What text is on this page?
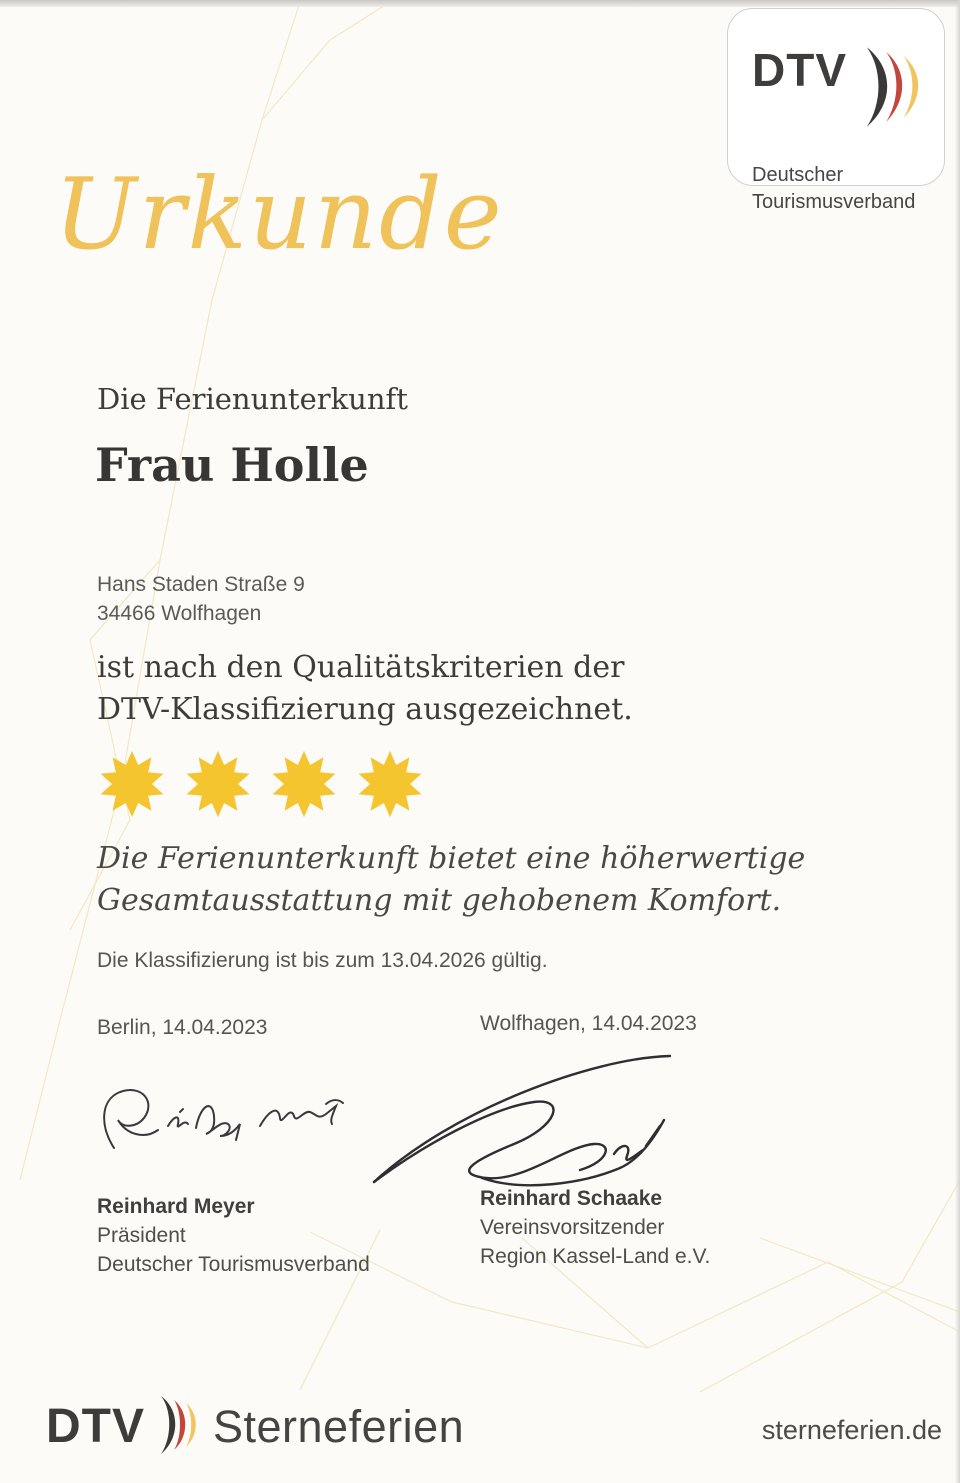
DTV
Deutscher
Tourismusverband
Urkunde
Die Ferienunterkunft
Frau Holle
Hans Staden Straße 9
34466 Wolfhagen
ist nach den Qualitätskriterien der
DTV-Klassifizierung ausgezeichnet.
Die Ferienunterkunft bietet eine höherwertige
Gesamtausstattung mit gehobenem Komfort.
Die Klassifizierung ist bis zum 13.04.2026 gültig.
Berlin, 14.04.2023	Wolfhagen, 14.04.2023
Reinhard Meyer
Präsident
Deutscher Tourismusverband
Reinhard Schaake
Vereinsvorsitzender
Region Kassel-Land e.V.
DTV Sterneferien	sterneferien.de
